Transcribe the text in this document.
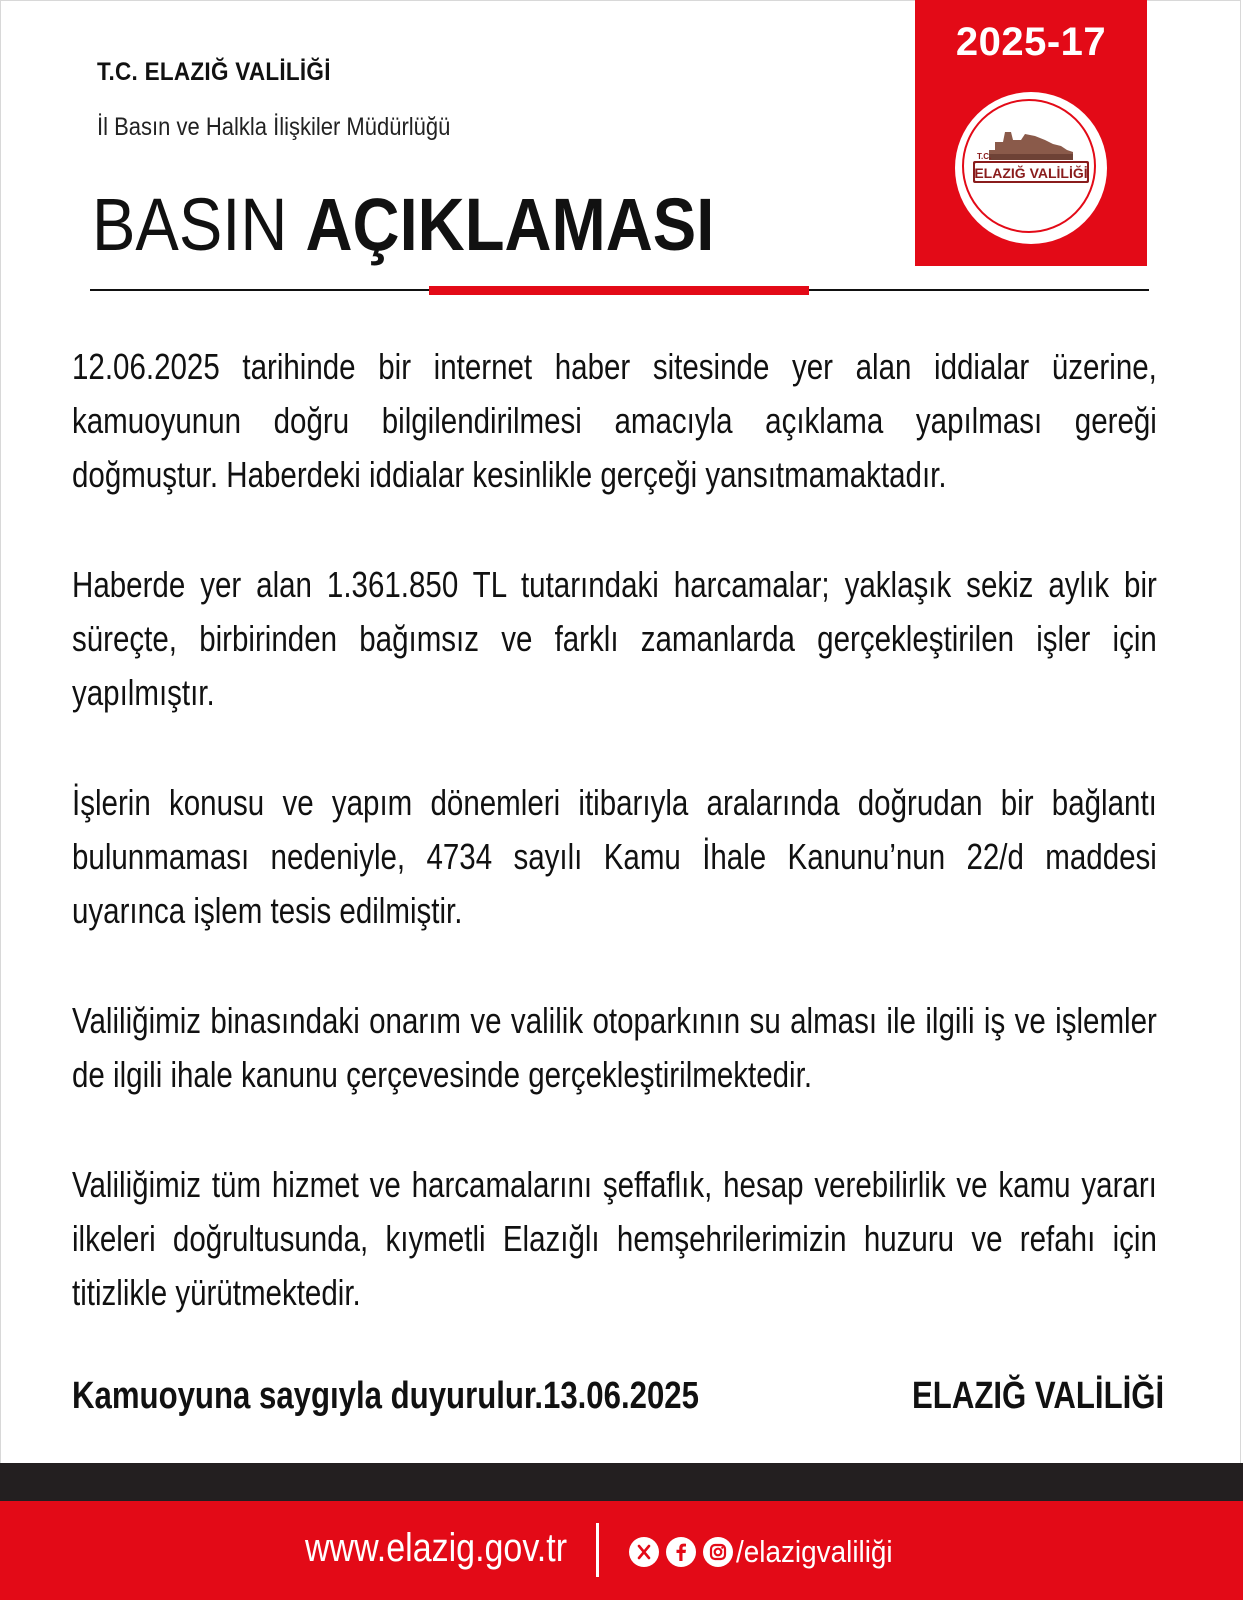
T.C. ELAZIĞ VALİLİĞİ
İl Basın ve Halkla İlişkiler Müdürlüğü
BASIN AÇIKLAMASI
2025-17
ELAZIĞ VALİLİĞİ
T.C.

12.06.2025 tarihinde bir internet haber sitesinde yer alan iddialar üzerine, kamuoyunun doğru bilgilendirilmesi amacıyla açıklama yapılması gereği doğmuştur. Haberdeki iddialar kesinlikle gerçeği yansıtmamaktadır.

Haberde yer alan 1.361.850 TL tutarındaki harcamalar; yaklaşık sekiz aylık bir süreçte, birbirinden bağımsız ve farklı zamanlarda gerçekleştirilen işler için yapılmıştır.

İşlerin konusu ve yapım dönemleri itibarıyla aralarında doğrudan bir bağlantı bulunmaması nedeniyle, 4734 sayılı Kamu İhale Kanunu’nun 22/d maddesi uyarınca işlem tesis edilmiştir.

Valiliğimiz binasındaki onarım ve valilik otoparkının su alması ile ilgili iş ve işlemler de ilgili ihale kanunu çerçevesinde gerçekleştirilmektedir.

Valiliğimiz tüm hizmet ve harcamalarını şeffaflık, hesap verebilirlik ve kamu yararı ilkeleri doğrultusunda, kıymetli Elazığlı hemşehrilerimizin huzuru ve refahı için titizlikle yürütmektedir.

Kamuoyuna saygıyla duyurulur.13.06.2025	ELAZIĞ VALİLİĞİ
www.elazig.gov.tr	/elazigvaliliği
